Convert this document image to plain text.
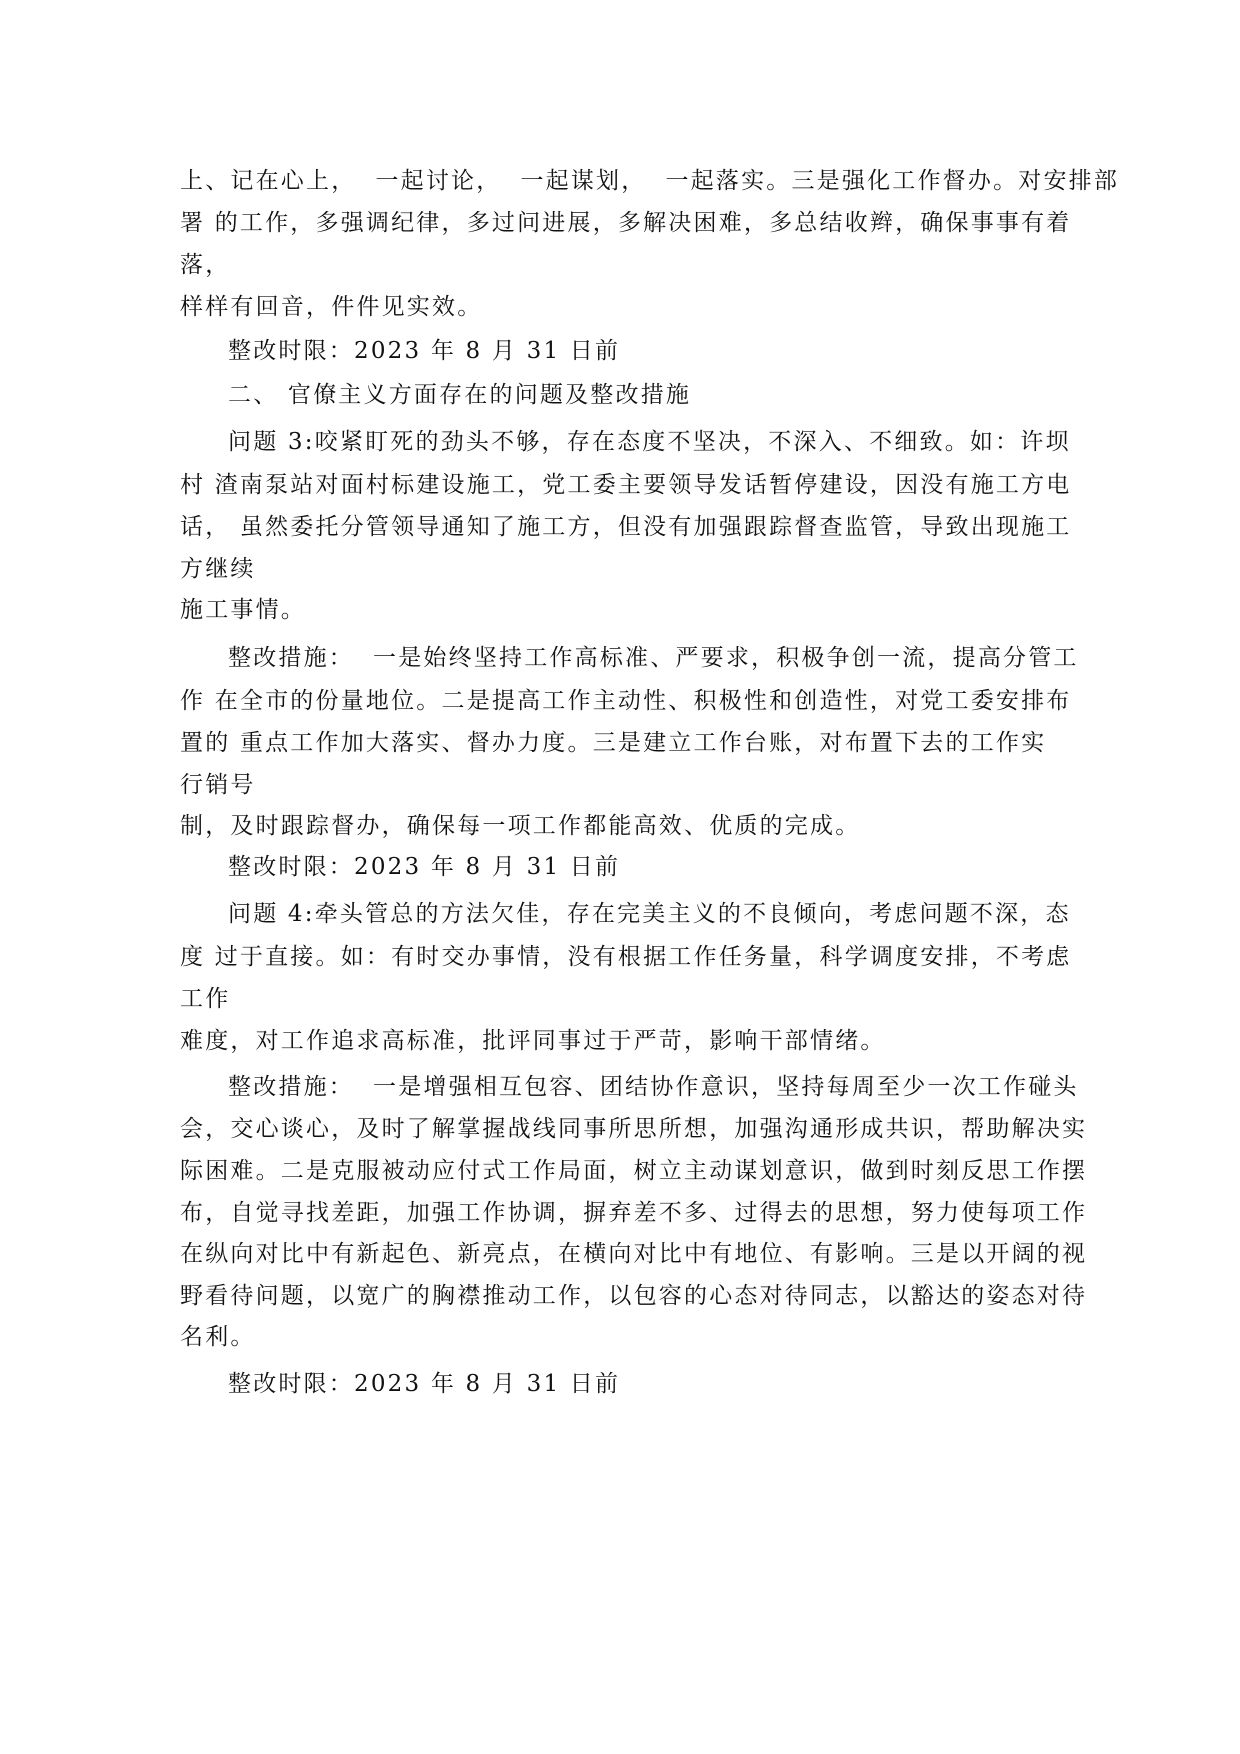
上、记在心上，  一起讨论，  一起谋划，  一起落实。三是强化工作督办。对安排部
署 的工作，多强调纪律，多过问进展，多解决困难，多总结收辫，确保事事有着
落，
样样有回音，件件见实效。
整改时限：2023 年 8 月 31 日前
二、 官僚主义方面存在的问题及整改措施
问题 3:咬紧盯死的劲头不够，存在态度不坚决，不深入、不细致。如：许坝
村 渣南泵站对面村标建设施工，党工委主要领导发话暂停建设，因没有施工方电
话， 虽然委托分管领导通知了施工方，但没有加强跟踪督查监管，导致出现施工
方继续
施工事情。
整改措施：  一是始终坚持工作高标准、严要求，积极争创一流，提高分管工
作 在全市的份量地位。二是提高工作主动性、积极性和创造性，对党工委安排布
置的 重点工作加大落实、督办力度。三是建立工作台账，对布置下去的工作实
行销号
制，及时跟踪督办，确保每一项工作都能高效、优质的完成。
整改时限：2023 年 8 月 31 日前
问题 4:牵头管总的方法欠佳，存在完美主义的不良倾向，考虑问题不深，态
度 过于直接。如：有时交办事情，没有根据工作任务量，科学调度安排，不考虑
工作
难度，对工作追求高标准，批评同事过于严苛，影响干部情绪。
整改措施：  一是增强相互包容、团结协作意识，坚持每周至少一次工作碰头
会，交心谈心，及时了解掌握战线同事所思所想，加强沟通形成共识，帮助解决实
际困难。二是克服被动应付式工作局面，树立主动谋划意识，做到时刻反思工作摆
布，自觉寻找差距，加强工作协调，摒弃差不多、过得去的思想，努力使每项工作
在纵向对比中有新起色、新亮点，在横向对比中有地位、有影响。三是以开阔的视
野看待问题，以宽广的胸襟推动工作，以包容的心态对待同志，以豁达的姿态对待
名利。
整改时限：2023 年 8 月 31 日前
